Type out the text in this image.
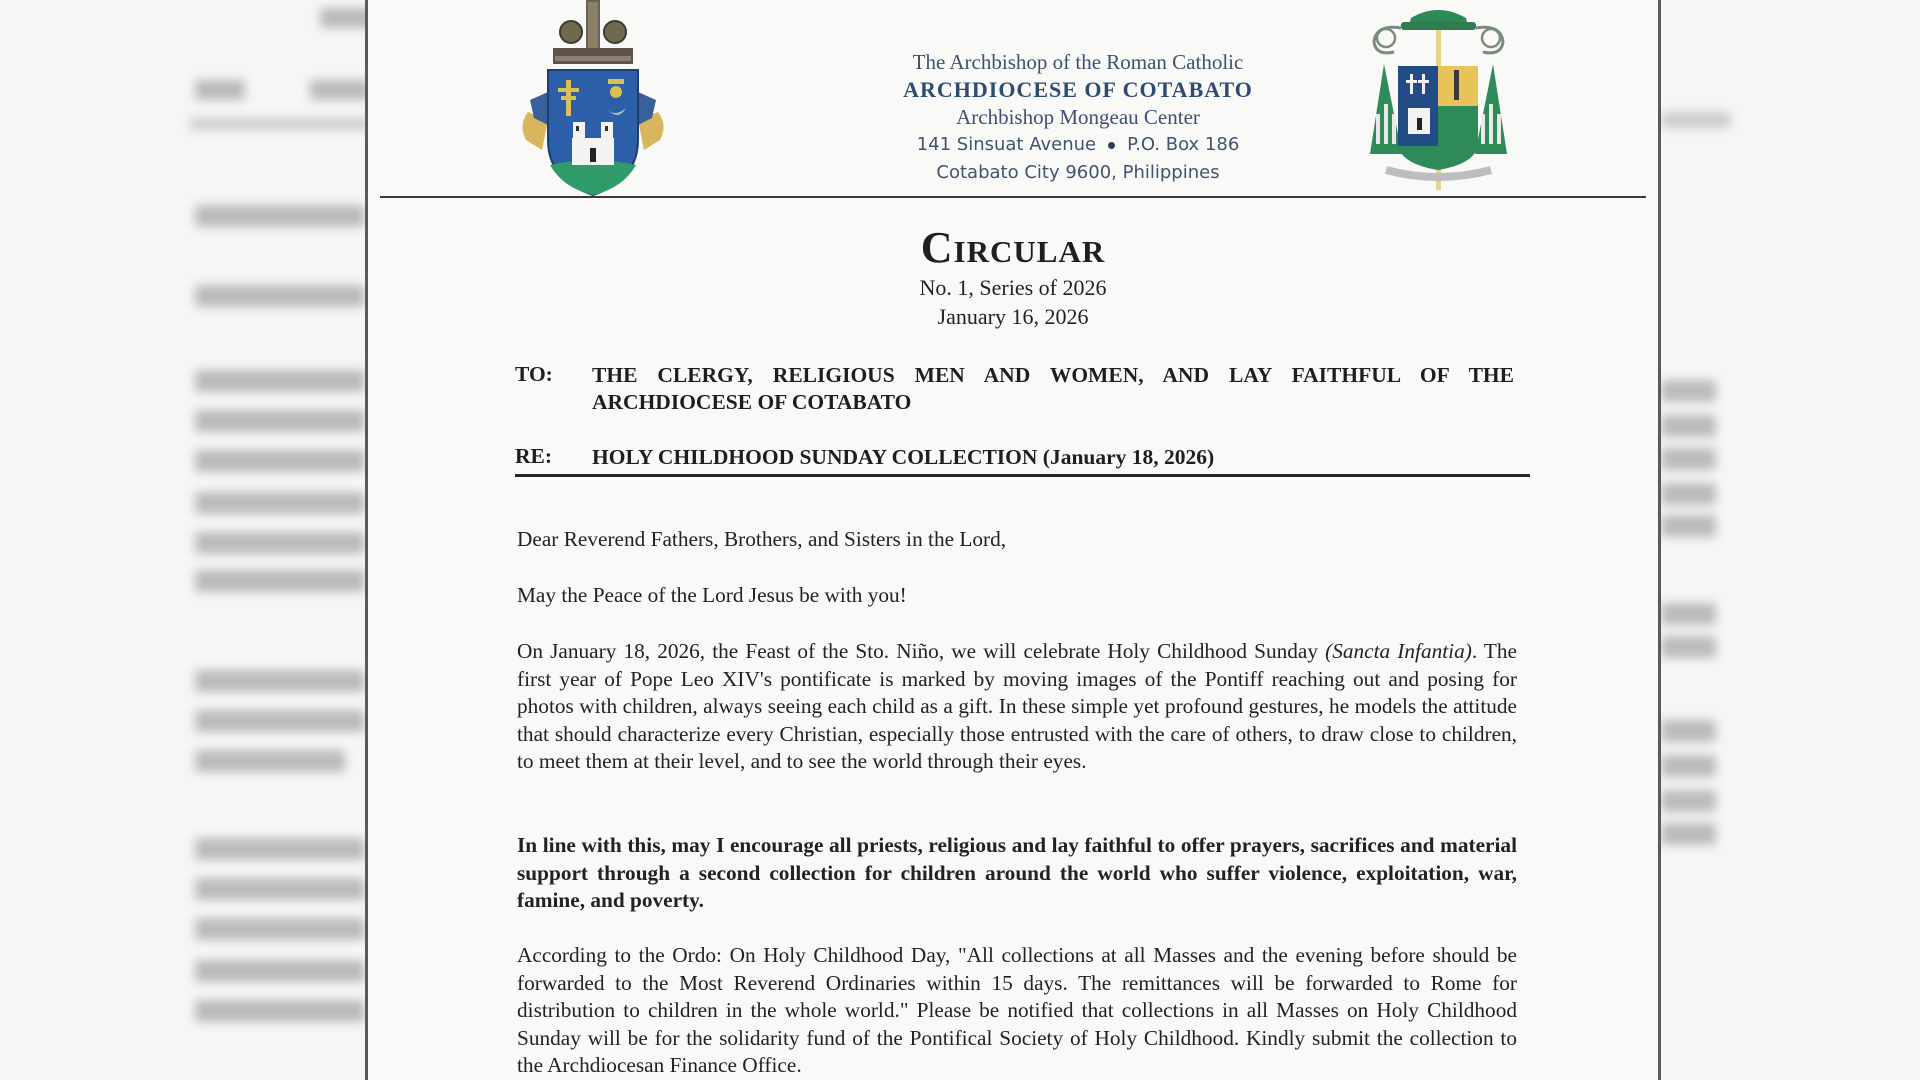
The Archbishop of the Roman Catholic
ARCHDIOCESE OF COTABATO
Archbishop Mongeau Center
141 Sinsuat Avenue P.O. Box 186
Cotabato City 9600, Philippines
Circular
No. 1, Series of 2026
January 16, 2026
TO: THE CLERGY, RELIGIOUS MEN AND WOMEN, AND LAY FAITHFUL OF THE ARCHDIOCESE OF COTABATO
RE: HOLY CHILDHOOD SUNDAY COLLECTION (January 18, 2026)
Dear Reverend Fathers, Brothers, and Sisters in the Lord,
May the Peace of the Lord Jesus be with you!
On January 18, 2026, the Feast of the Sto. Niño, we will celebrate Holy Childhood Sunday (Sancta Infantia). The first year of Pope Leo XIV's pontificate is marked by moving images of the Pontiff reaching out and posing for photos with children, always seeing each child as a gift. In these simple yet profound gestures, he models the attitude that should characterize every Christian, especially those entrusted with the care of others, to draw close to children, to meet them at their level, and to see the world through their eyes.
In line with this, may I encourage all priests, religious and lay faithful to offer prayers, sacrifices and material support through a second collection for children around the world who suffer violence, exploitation, war, famine, and poverty.
According to the Ordo: On Holy Childhood Day, "All collections at all Masses and the evening before should be forwarded to the Most Reverend Ordinaries within 15 days. The remittances will be forwarded to Rome for distribution to children in the whole world." Please be notified that collections in all Masses on Holy Childhood Sunday will be for the solidarity fund of the Pontifical Society of Holy Childhood. Kindly submit the collection to the Archdiocesan Finance Office.
